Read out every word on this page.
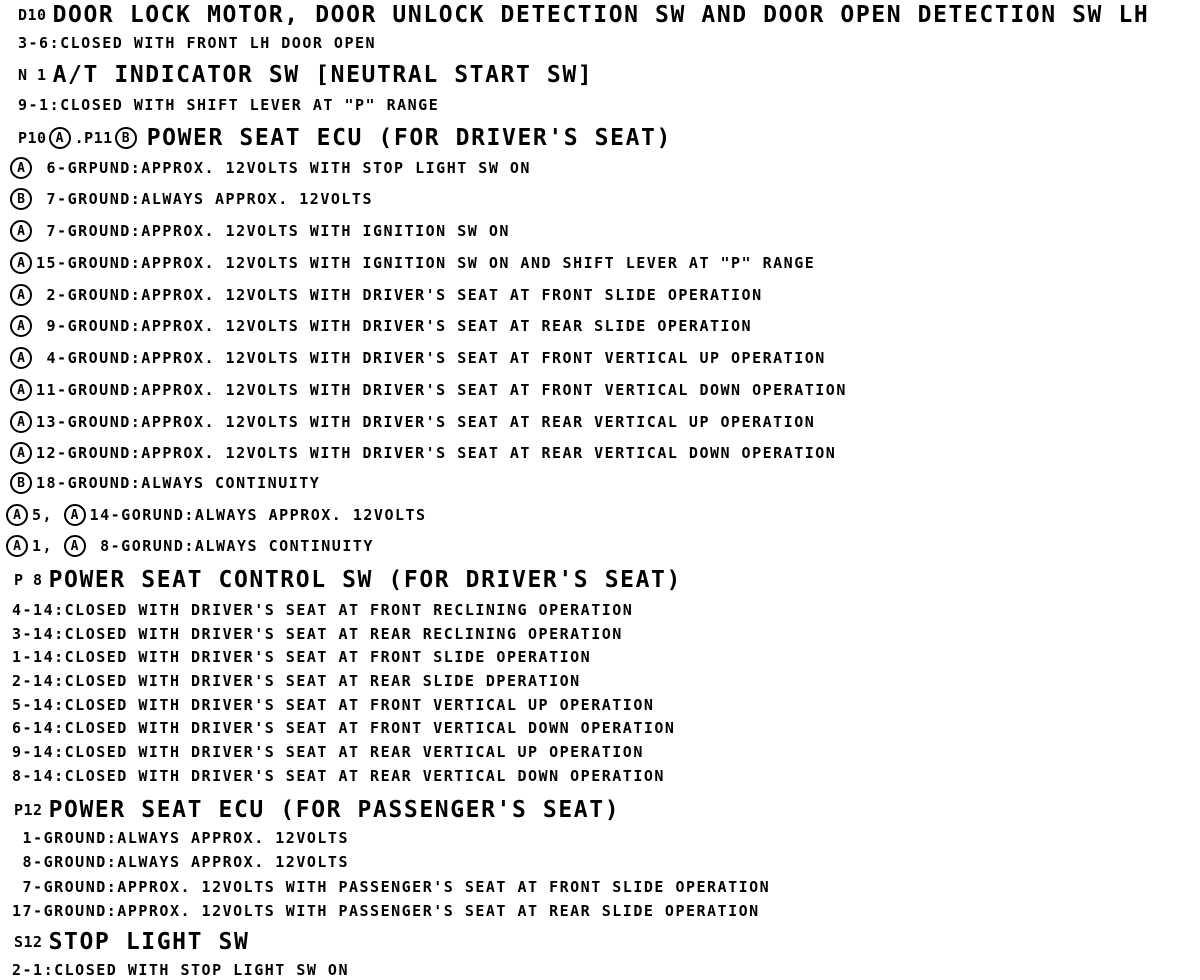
D10 DOOR LOCK MOTOR, DOOR UNLOCK DETECTION SW AND DOOR OPEN DETECTION SW LH
3-6:CLOSED WITH FRONT LH DOOR OPEN
N 1 A/T INDICATOR SW [NEUTRAL START SW]
9-1:CLOSED WITH SHIFT LEVER AT "P" RANGE
P10 A .P11 B POWER SEAT ECU (FOR DRIVER'S SEAT)
A 6-GRPUND:APPROX. 12VOLTS WITH STOP LIGHT SW ON
B 7-GROUND:ALWAYS APPROX. 12VOLTS
A 7-GROUND:APPROX. 12VOLTS WITH IGNITION SW ON
A 15-GROUND:APPROX. 12VOLTS WITH IGNITION SW ON AND SHIFT LEVER AT "P" RANGE
A 2-GROUND:APPROX. 12VOLTS WITH DRIVER'S SEAT AT FRONT SLIDE OPERATION
A 9-GROUND:APPROX. 12VOLTS WITH DRIVER'S SEAT AT REAR SLIDE OPERATION
A 4-GROUND:APPROX. 12VOLTS WITH DRIVER'S SEAT AT FRONT VERTICAL UP OPERATION
A 11-GROUND:APPROX. 12VOLTS WITH DRIVER'S SEAT AT FRONT VERTICAL DOWN OPERATION
A 13-GROUND:APPROX. 12VOLTS WITH DRIVER'S SEAT AT REAR VERTICAL UP OPERATION
A 12-GROUND:APPROX. 12VOLTS WITH DRIVER'S SEAT AT REAR VERTICAL DOWN OPERATION
B 18-GROUND:ALWAYS CONTINUITY
A 5, A 14-GORUND:ALWAYS APPROX. 12VOLTS
A 1, A 8-GORUND:ALWAYS CONTINUITY
P 8 POWER SEAT CONTROL SW (FOR DRIVER'S SEAT)
4-14:CLOSED WITH DRIVER'S SEAT AT FRONT RECLINING OPERATION
3-14:CLOSED WITH DRIVER'S SEAT AT REAR RECLINING OPERATION
1-14:CLOSED WITH DRIVER'S SEAT AT FRONT SLIDE OPERATION
2-14:CLOSED WITH DRIVER'S SEAT AT REAR SLIDE DPERATION
5-14:CLOSED WITH DRIVER'S SEAT AT FRONT VERTICAL UP OPERATION
6-14:CLOSED WITH DRIVER'S SEAT AT FRONT VERTICAL DOWN OPERATION
9-14:CLOSED WITH DRIVER'S SEAT AT REAR VERTICAL UP OPERATION
8-14:CLOSED WITH DRIVER'S SEAT AT REAR VERTICAL DOWN OPERATION
P12 POWER SEAT ECU (FOR PASSENGER'S SEAT)
1-GROUND:ALWAYS APPROX. 12VOLTS
8-GROUND:ALWAYS APPROX. 12VOLTS
7-GROUND:APPROX. 12VOLTS WITH PASSENGER'S SEAT AT FRONT SLIDE OPERATION
17-GROUND:APPROX. 12VOLTS WITH PASSENGER'S SEAT AT REAR SLIDE OPERATION
S12 STOP LIGHT SW
2-1:CLOSED WITH STOP LIGHT SW ON
